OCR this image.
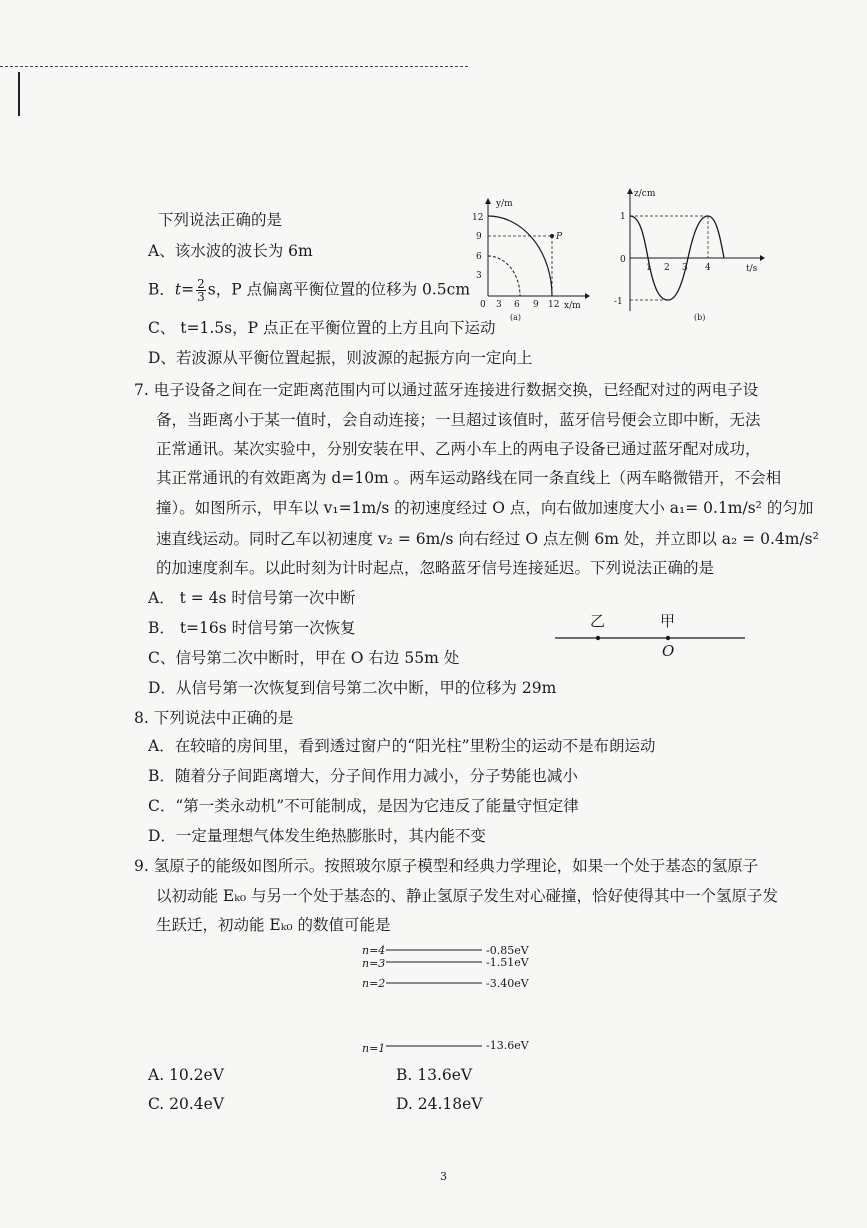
下列说法正确的是
A、该水波的波长为 6m
B．$t= \frac{2}{3}$ s，P 点偏离平衡位置的位移为 0.5cm
C、 t=1.5s，P 点正在平衡位置的上方且向下运动
D、若波源从平衡位置起振，则波源的起振方向一定向上
y/m
x/m
12
9
6
3
0 3 6 9 12
P
(a)
z/cm
t/s
1
0
-1
1 2 3 4
(b)
7. 电子设备之间在一定距离范围内可以通过蓝牙连接进行数据交换，已经配对过的两电子设
备，当距离小于某一值时，会自动连接；一旦超过该值时，蓝牙信号便会立即中断，无法
正常通讯。某次实验中，分别安装在甲、乙两小车上的两电子设备已通过蓝牙配对成功，
其正常通讯的有效距离为 d=10m 。两车运动路线在同一条直线上（两车略微错开，不会相
撞）。如图所示，甲车以 v₁=1m/s 的初速度经过 O 点，向右做加速度大小 a₁= 0.1m/s² 的匀加
速直线运动。同时乙车以初速度 v₂ = 6m/s 向右经过 O 点左侧 6m 处，并立即以 a₂ = 0.4m/s²
的加速度刹车。以此时刻为计时起点，忽略蓝牙信号连接延迟。下列说法正确的是
A． t = 4s 时信号第一次中断
B． t=16s 时信号第一次恢复
C、信号第二次中断时，甲在 O 右边 55m 处
D．从信号第一次恢复到信号第二次中断，甲的位移为 29m
乙	甲
O
8. 下列说法中正确的是
A．在较暗的房间里，看到透过窗户的“阳光柱”里粉尘的运动不是布朗运动
B．随着分子间距离增大，分子间作用力减小，分子势能也减小
C．“第一类永动机”不可能制成，是因为它违反了能量守恒定律
D．一定量理想气体发生绝热膨胀时，其内能不变
9. 氢原子的能级如图所示。按照玻尔原子模型和经典力学理论，如果一个处于基态的氢原子
以初动能 Eₖ₀ 与另一个处于基态的、静止氢原子发生对心碰撞，恰好使得其中一个氢原子发
生跃迁，初动能 Eₖ₀ 的数值可能是
n=4	-0.85eV
n=3	-1.51eV
n=2	-3.40eV
n=1	-13.6eV
A. 10.2eV	B. 13.6eV
C. 20.4eV	D. 24.18eV
3
